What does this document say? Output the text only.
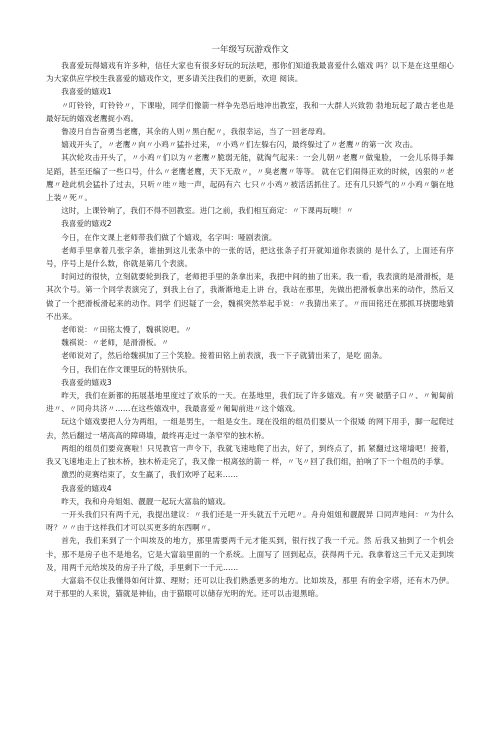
一年级写玩游戏作文

我喜爱玩得嬉戏有许多种，信任大家也有很多好玩的玩法吧，那你们知道我最喜爱什么嬉戏 吗？以下是在这里细心为大家供应学校生我喜爱的嬉戏作文，更多请关注我们的更新，欢迎 阅读。

我喜爱的嬉戏1

〃叮铃铃，叮铃铃〃，下课啦，同学们像箭一样争先恐后地冲出教室，我和一大群人兴致勃 勃地玩起了最古老也是最好玩的嬉戏老鹰捉小鸡。

鲁凌月自告奋勇当老鹰，其余的人则〃黑白配〃，我很幸运，当了一回老母鸡。

嬉戏开头了，〃老鹰〃向〃小鸡〃猛扑过来，〃小鸡〃们左躲右闪，最终躲过了〃老鹰〃的第一次 攻击。

其次轮攻击开头了，〃小鸡〃们以为〃老鹰〃脆弱无能，就淘气起来：一会儿朝〃老鹰〃做鬼脸， 一会儿乐得手舞足蹈，甚至还编了一些口号，什么〃老鹰老鹰，天下无敌〃，〃臭老鹰〃等等。 就在它们闹得正欢的时候，凶狠的〃老鹰〃趁此机会猛扑了过去，只听〃哇〃地一声，起码有六 七只〃小鸡〃被活活抓住了。还有几只娇气的〃小鸡〃躺在地上装〃死〃。

这时，上课铃响了，我们不得不回教室。进门之前，我们相互商定：〃下课再玩噢！〃

我喜爱的嬉戏2

今日，在作文课上老师带我们做了个嬉戏，名字叫：哑剧表演。

老师手里拿着几张字条，谁抽到这儿张条中的一张的话，把这张条子打开就知道你表演的 是什么了，上面还有序号，序号上是什么数，你就是第几个表演。

时间过的很快，立刻就要轮到我了，老师把手里的条拿出来，我把中间的抽了出来。我一看，我表演的是滑滑板，是其次个号。第一个同学表演完了，到我上台了，我渐渐地走上讲 台，我站在那里，先做出把滑板拿出来的动作，然后又做了一个把滑板滑起来的动作。同学 们迟疑了一会，魏祺突然举起手说：〃我猜出来了。〃而田铭还在那抓耳挠腮地猜不出来。

老师说：〃田铭太慢了，魏祺说吧。〃

魏祺说：〃老师，是滑滑板。〃

老师说对了，然后给魏祺加了三个笑脸。接着田铭上前表演，我一下子就猜出来了，是吃 面条。

今日，我们在作文课里玩的特别快乐。

我喜爱的嬉戏3

昨天，我们在新都的拓展基地里度过了欢乐的一天。在基地里，我们玩了许多嬉戏。有〃突 破腊子口〃、〃匍匐前进〃、〃同舟共济〃……在这些嬉戏中，我最喜爱〃匍匐前进〃这个嬉戏。

玩这个嬉戏要把人分为两组，一组是男生，一组是女生。现在没组的组员们要从一个很矮 的网下用手，脚一起爬过去，然后翻过一堵高高的障碍墙，最终再走过一条窄窄的独木桥。

两组的组员们要竞赛啦！只见教官一声令下，我就飞速地爬了出去，好了，到终点了，抓 紧翻过这堵墙吧！接着，我又飞速地走上了独木桥，独木桥走完了，我又像一根离弦的箭一 样，〃飞〃回了我们组，拍响了下一个组员的手掌。

激烈的竞赛结束了，女生赢了，我们欢呼了起来……

我喜爱的嬉戏4

昨天，我和舟舟姐姐、靓靓一起玩大富翁的嬉戏。

一开头我们只有两千元，我提出建议：〃我们还是一开头就五千元吧〃。舟舟姐姐和靓靓异 口同声地问：〃为什么呀？〃〃由于这样我们才可以买更多的东西啊〃。

首先，我们来到了一个叫埃及的地方，那里需要两千元才能买到，银行找了我一千元。然 后我又抽到了一个机会卡，那不是房子也不是地名，它是大富翁里面的一个系统。上面写了 回到起点，获得两千元。我拿着这三千元又走到埃及，用两千元给埃及的房子升了级，手里剩下一千元……

大富翁不仅让我懂得如何计算、理财；还可以让我们熟悉更多的地方。比如埃及，那里 有的金字塔，还有木乃伊。对于那里的人来说，猫就是神仙，由于猫眼可以储存光明的光。还可以击退黑暗。
